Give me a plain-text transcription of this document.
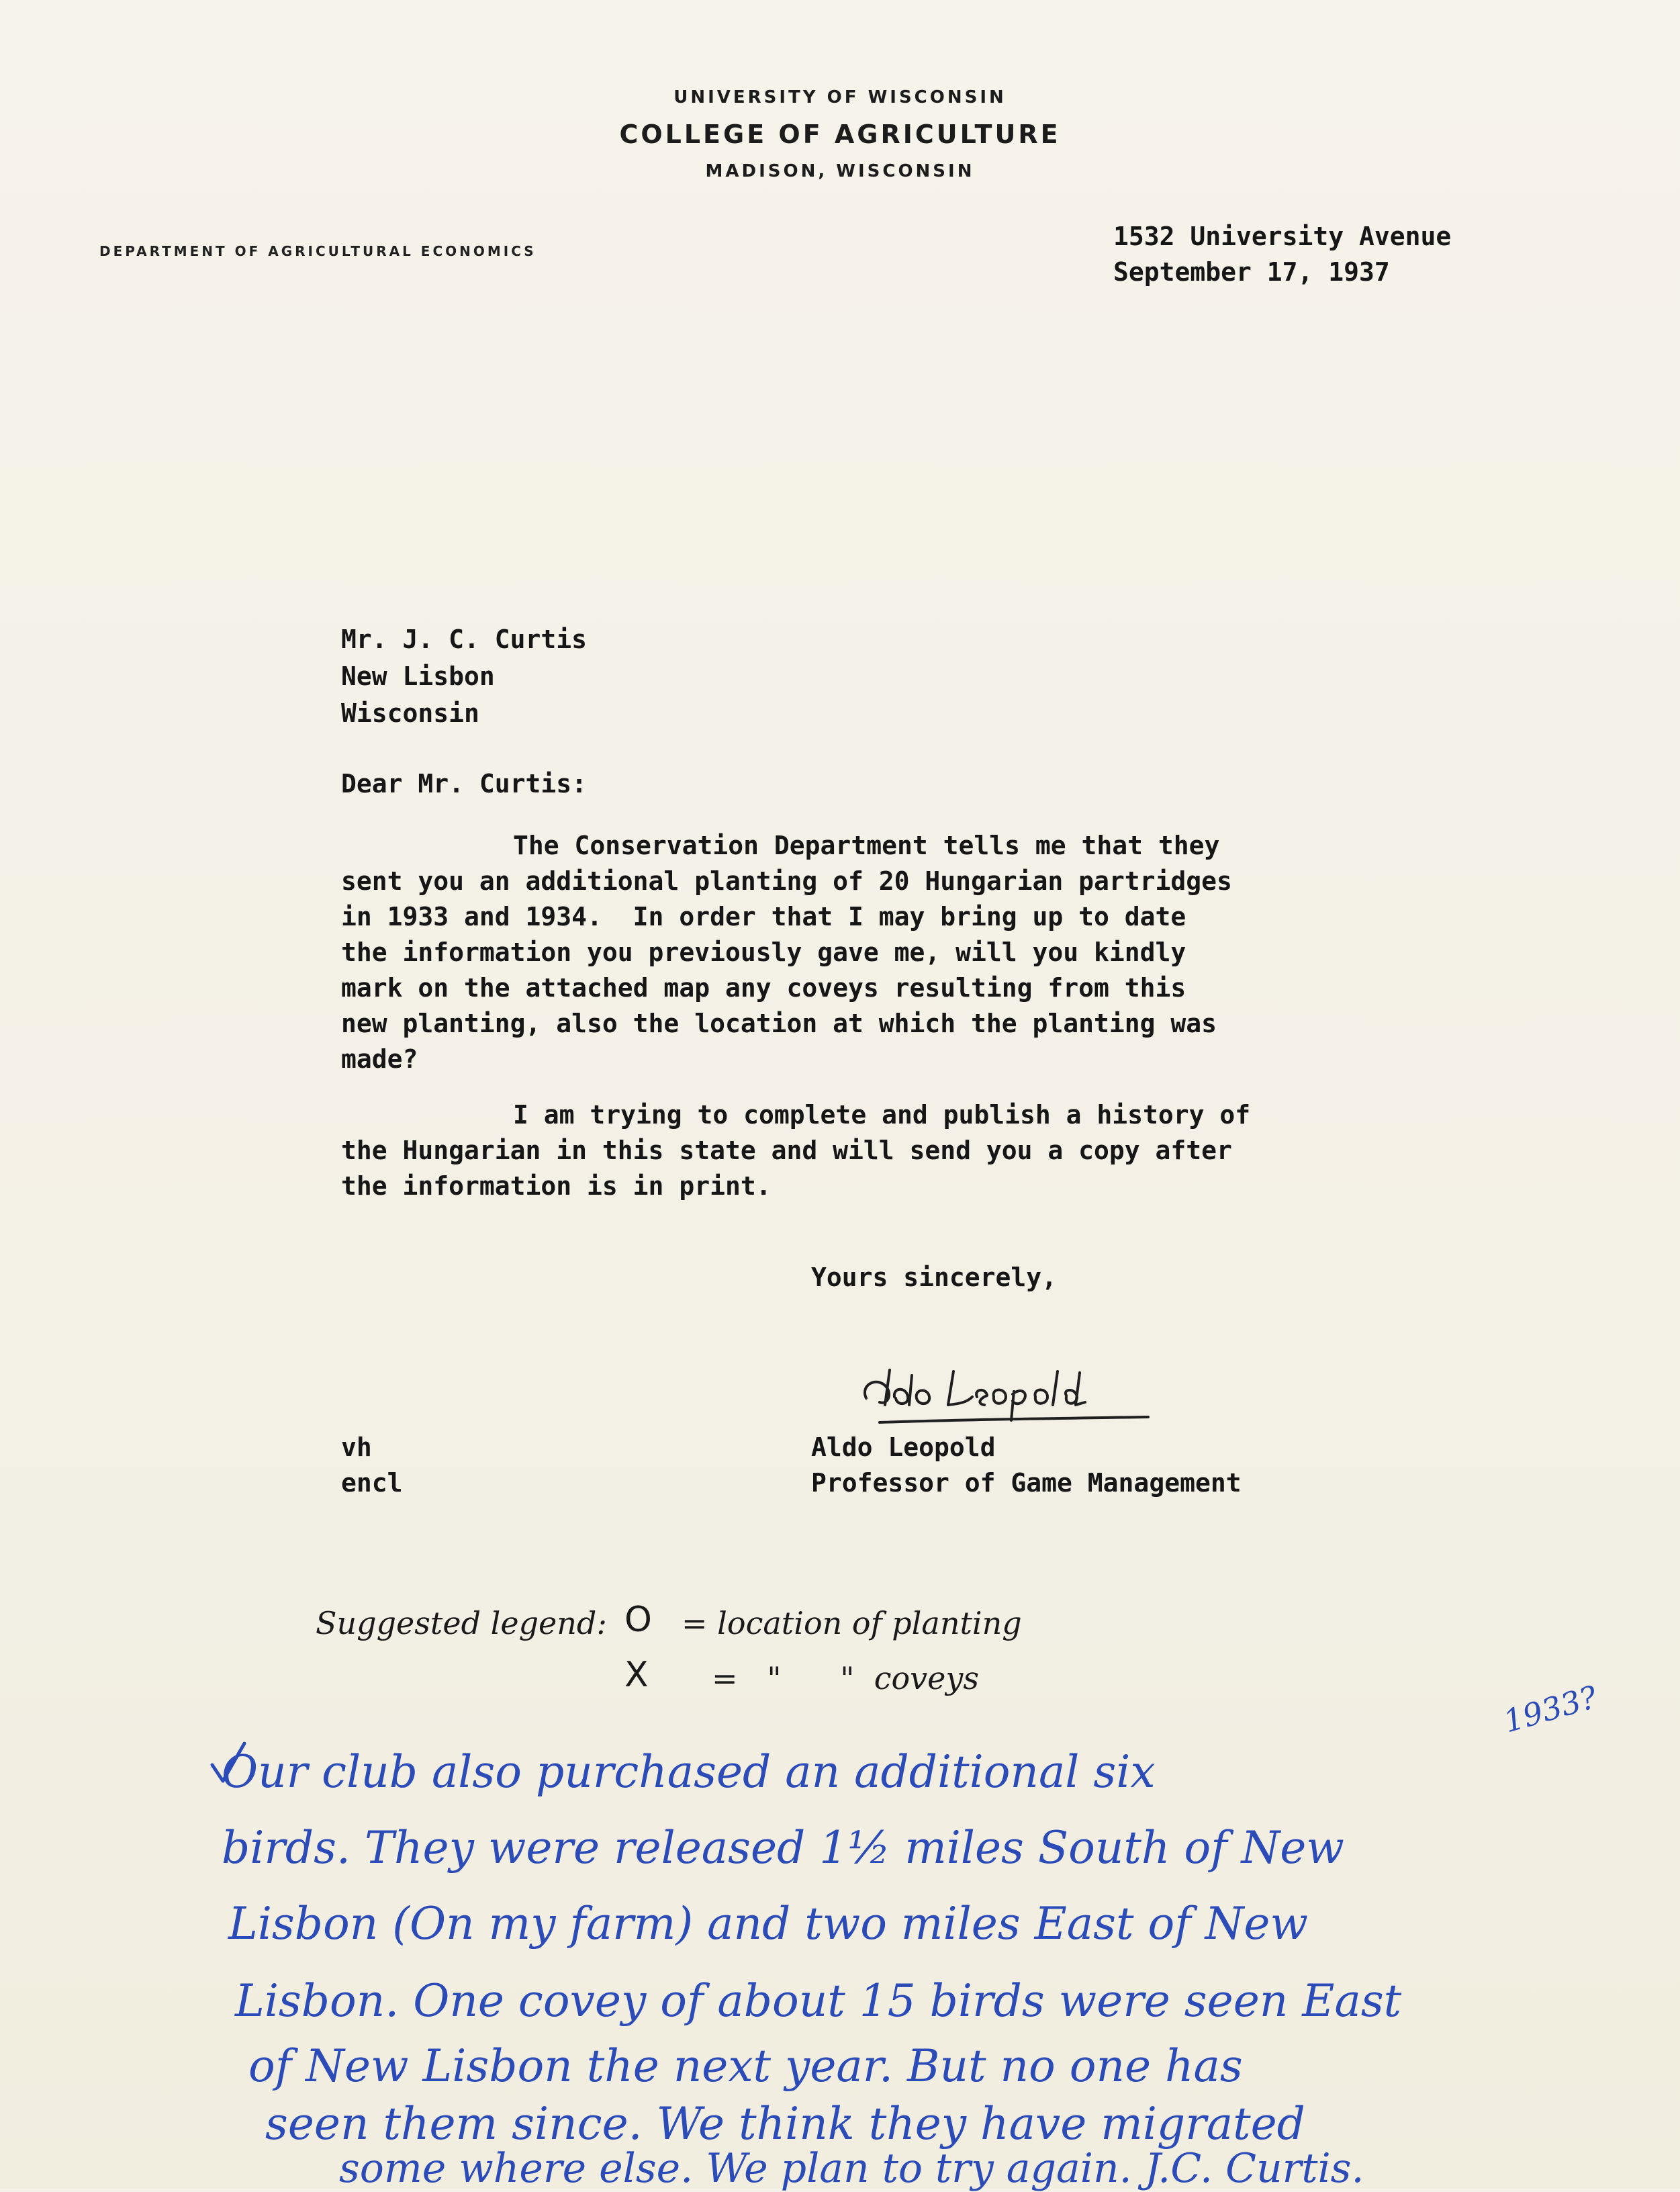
UNIVERSITY OF WISCONSIN
COLLEGE OF AGRICULTURE
MADISON, WISCONSIN
DEPARTMENT OF AGRICULTURAL ECONOMICS	1532 University Avenue
September 17, 1937
Mr. J. C. Curtis
New Lisbon
Wisconsin
Dear Mr. Curtis:
The Conservation Department tells me that they
sent you an additional planting of 20 Hungarian partridges
in 1933 and 1934.  In order that I may bring up to date
the information you previously gave me, will you kindly
mark on the attached map any coveys resulting from this
new planting, also the location at which the planting was
made?
I am trying to complete and publish a history of
the Hungarian in this state and will send you a copy after
the information is in print.
Yours sincerely,
vh
encl
Aldo Leopold
Professor of Game Management
Suggested legend: O = location of planting
X =   "      "  coveys
1933?
Our club also purchased an additional six
birds. They were released 1½ miles South of New
Lisbon (On my farm) and two miles East of New
Lisbon. One covey of about 15 birds were seen East
of New Lisbon the next year. But no one has
seen them since. We think they have migrated
some where else. We plan to try again. J.C. Curtis.
